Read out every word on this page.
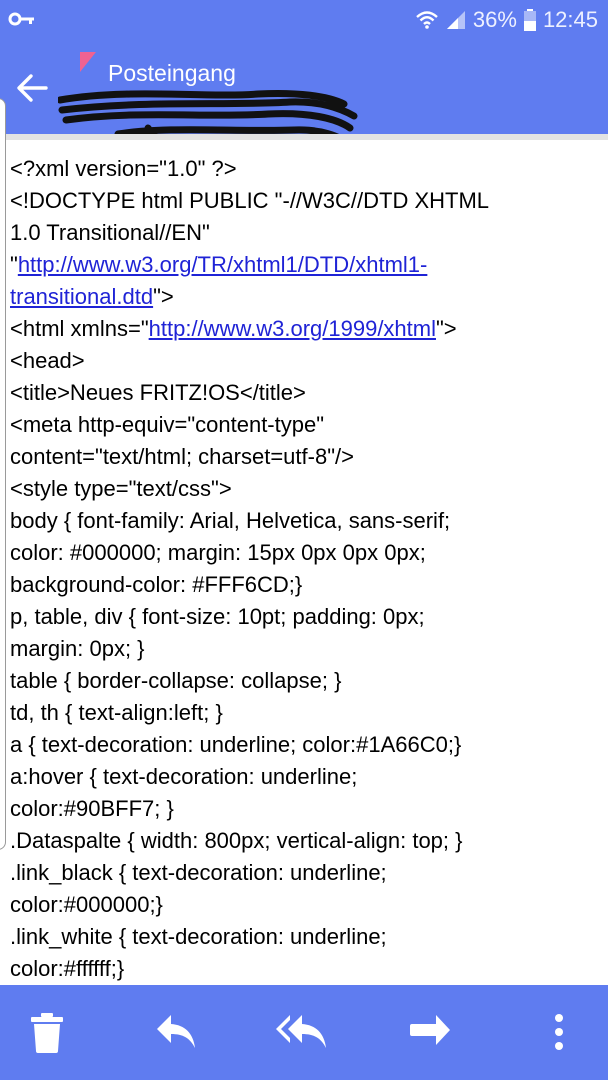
36% 12:45
Posteingang
<?xml version="1.0" ?>
<!DOCTYPE html PUBLIC "-//W3C//DTD XHTML
1.0 Transitional//EN"
"http://www.w3.org/TR/xhtml1/DTD/xhtml1-
transitional.dtd">
<html xmlns="http://www.w3.org/1999/xhtml">
<head>
<title>Neues FRITZ!OS</title>
<meta http-equiv="content-type"
content="text/html; charset=utf-8"/>
<style type="text/css">
body { font-family: Arial, Helvetica, sans-serif;
color: #000000; margin: 15px 0px 0px 0px;
background-color: #FFF6CD;}
p, table, div { font-size: 10pt; padding: 0px;
margin: 0px; }
table { border-collapse: collapse; }
td, th { text-align:left; }
a { text-decoration: underline; color:#1A66C0;}
a:hover { text-decoration: underline;
color:#90BFF7; }
.Dataspalte { width: 800px; vertical-align: top; }
.link_black { text-decoration: underline;
color:#000000;}
.link_white { text-decoration: underline;
color:#ffffff;}
